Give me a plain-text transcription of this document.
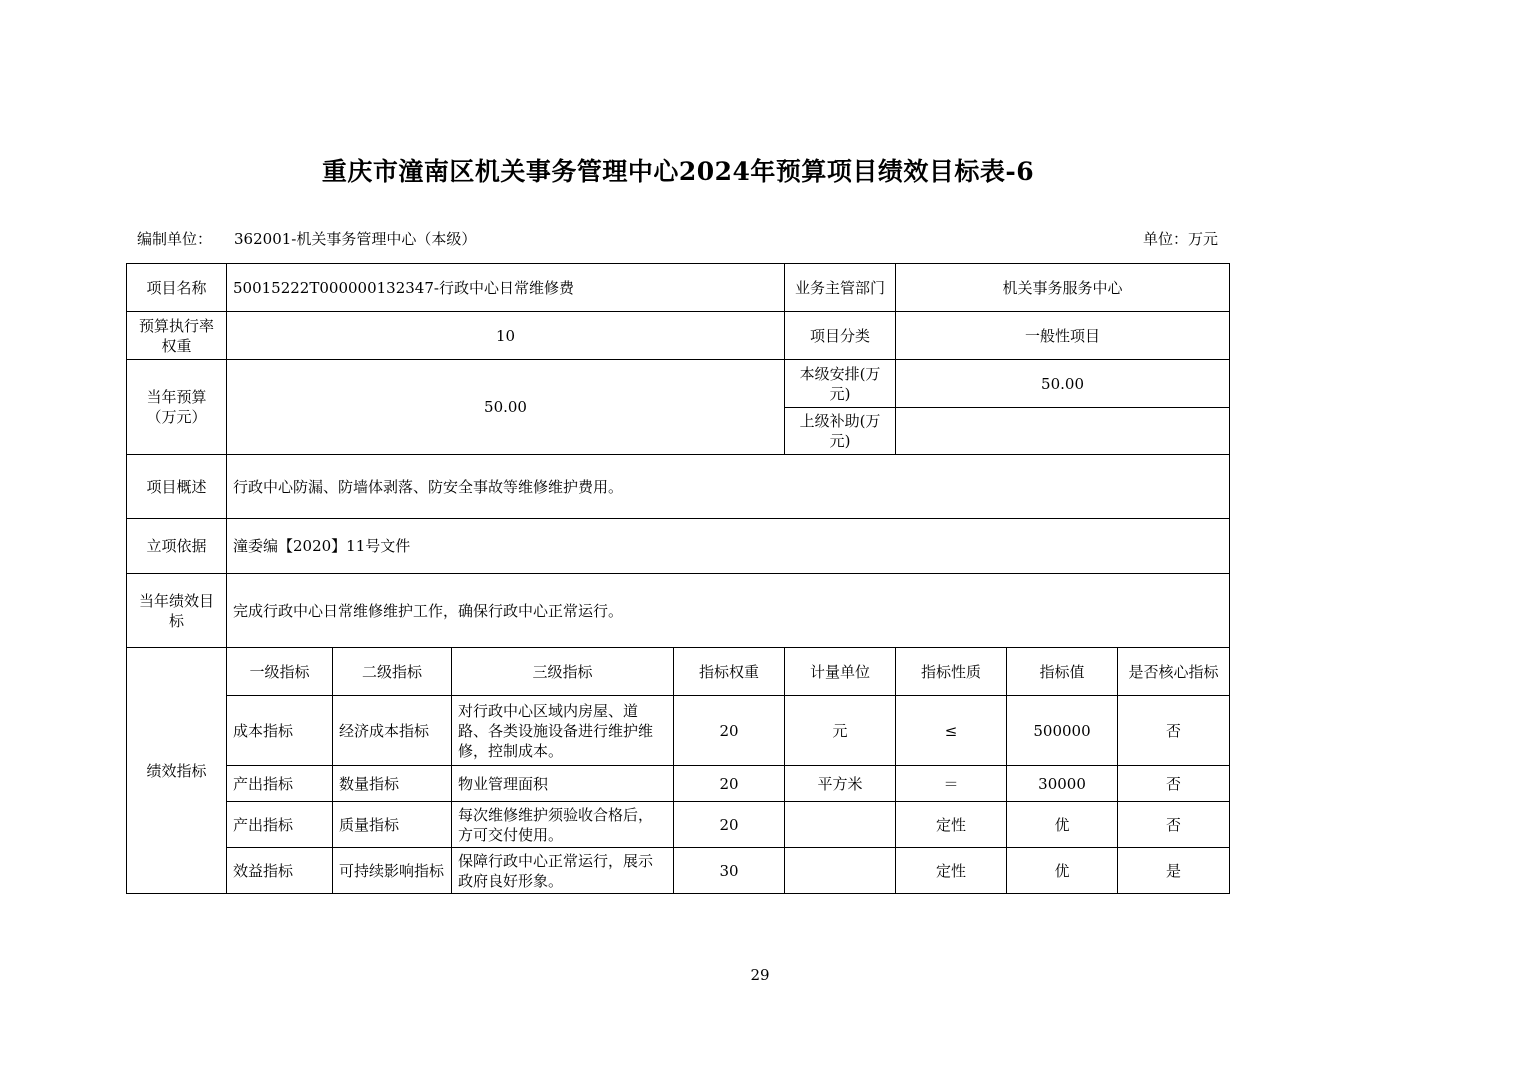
重庆市潼南区机关事务管理中心2024年预算项目绩效目标表-6
编制单位： 362001-机关事务管理中心（本级）	单位：万元
项目名称	50015222T000000132347-行政中心日常维修费				业务主管部门	机关事务服务中心		
预算执行率权重	10				项目分类	一般性项目		
当年预算（万元）	50.00				本级安排(万元)	50.00		
					上级补助(万元)			
项目概述	行政中心防漏、防墙体剥落、防安全事故等维修维护费用。							
立项依据	潼委编【2020】11号文件							
当年绩效目标	完成行政中心日常维修维护工作，确保行政中心正常运行。							
绩效指标	一级指标	二级指标	三级指标	指标权重	计量单位	指标性质	指标值	是否核心指标
	成本指标	经济成本指标	对行政中心区域内房屋、道路、各类设施设备进行维护维修，控制成本。	20	元	≤	500000	否
	产出指标	数量指标	物业管理面积	20	平方米	＝	30000	否
	产出指标	质量指标	每次维修维护须验收合格后，方可交付使用。	20		定性	优	否
	效益指标	可持续影响指标	保障行政中心正常运行，展示政府良好形象。	30		定性	优	是
29
